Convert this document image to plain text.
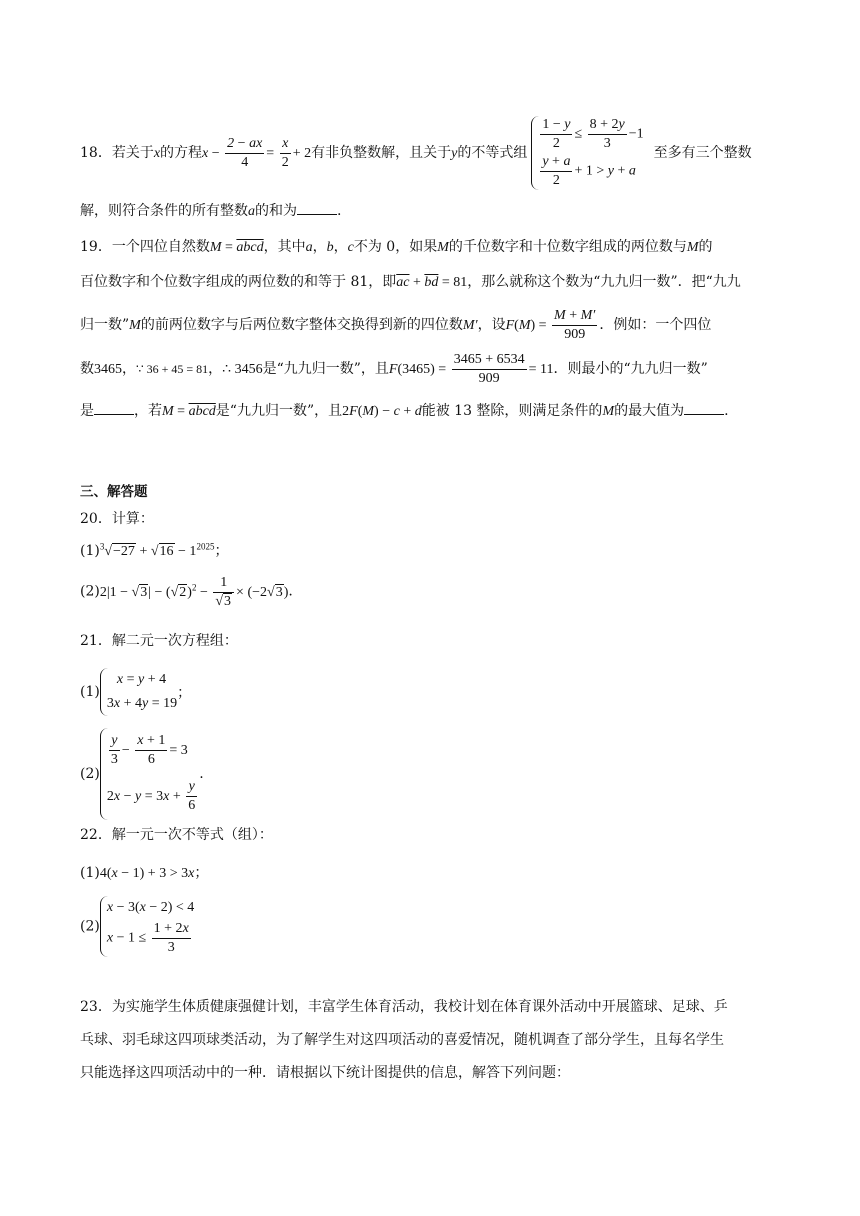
18．若关于x的方程$x - \frac{2 - ax}{4} = \frac{x}{2} + 2$有非负整数解，且关于y的不等式组 $\frac{1 - y}{2} \le \frac{8 + 2y}{3} -1$
$\frac{y + a}{2} + 1 > y + a$
至多有三个整数
解，则符合条件的所有整数a的和为	.
19．一个四位自然数M = abcd，其中a，b，c不为 0，如果M的千位数字和十位数字组成的两位数与M的
百位数字和个位数字组成的两位数的和等于 81，即$\overline{ac} + \overline{bd} = 81$，那么就称这个数为“九九归一数”．把“九九
归一数”M的前两位数字与后两位数字整体交换得到新的四位数M′，设$F(M) = \frac{M + M'}{909}$ ．例如：一个四位
数3465，∵ 36 + 45 = 81，∴ 3456是“九九归一数”，且$F(3465) = \frac{3465 + 6534}{909} = 11$．则最小的“九九归一数”
是	，若M = abcd是“九九归一数”，且2F(M) − c + d能被 13 整除，则满足条件的M的最大值为	.
三、解答题
20．计算：
$(1)^3√-27 + √16 - 1^{2025}$；
$(2)2|1 - √3| - (√2)^2 - \frac{1}{√3} \times (-2√3)$.
21．解二元一次方程组：
(1)
x = y + 4
3x + 4y = 19
；
(2)
$\frac{y}{3} - \frac{x + 1}{6} = 3$
$2x - y = 3x + \frac{y}{6}$
.
22．解一元一次不等式（组）：
(1)4(x − 1) + 3 > 3x；
(2)
x − 3(x − 2) < 4
$x - 1 \le \frac{1 + 2x}{3}$
23．为实施学生体质健康强健计划，丰富学生体育活动，我校计划在体育课外活动中开展篮球、足球、乒
乓球、羽毛球这四项球类活动，为了解学生对这四项活动的喜爱情况，随机调查了部分学生，且每名学生
只能选择这四项活动中的一种．请根据以下统计图提供的信息，解答下列问题：
